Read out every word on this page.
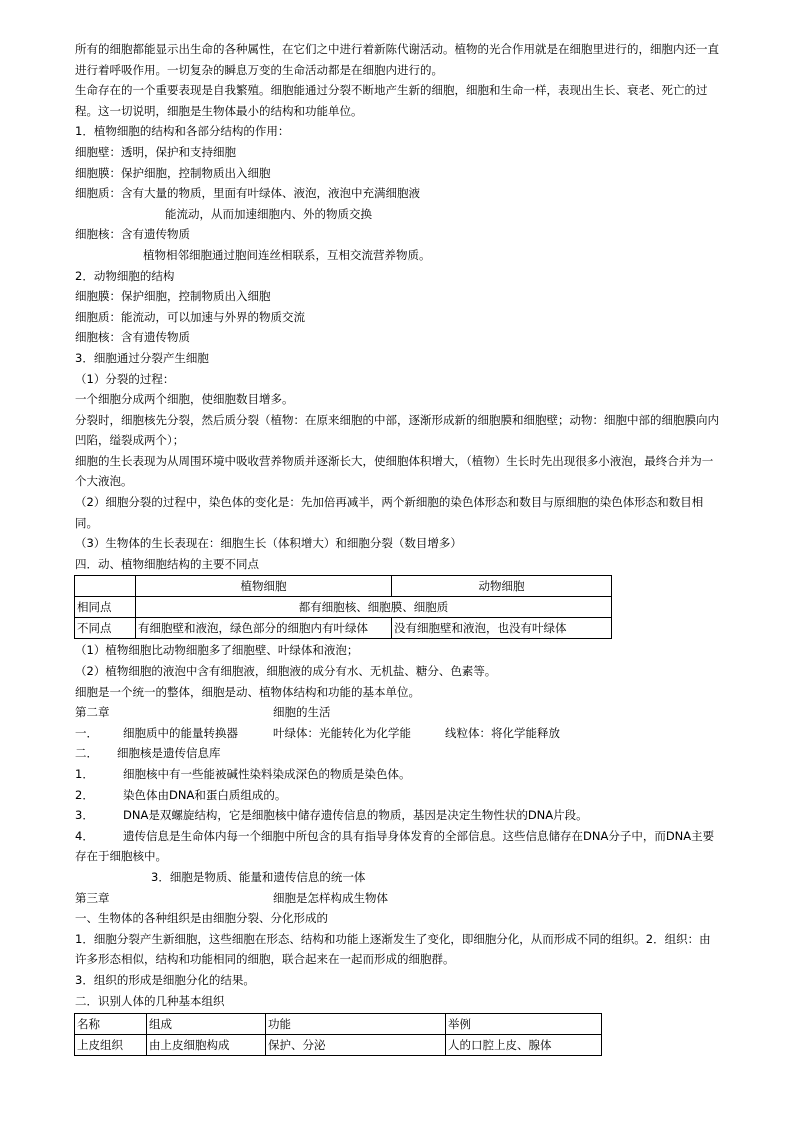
所有的细胞都能显示出生命的各种属性，在它们之中进行着新陈代谢活动。植物的光合作用就是在细胞里进行的，细胞内还一直进行着呼吸作用。一切复杂的瞬息万变的生命活动都是在细胞内进行的。

生命存在的一个重要表现是自我繁殖。细胞能通过分裂不断地产生新的细胞，细胞和生命一样，表现出生长、衰老、死亡的过程。这一切说明，细胞是生物体最小的结构和功能单位。

1．植物细胞的结构和各部分结构的作用：

细胞壁：透明，保护和支持细胞

细胞膜：保护细胞，控制物质出入细胞

细胞质：含有大量的物质，里面有叶绿体、液泡，液泡中充满细胞液

能流动，从而加速细胞内、外的物质交换

细胞核：含有遗传物质

植物相邻细胞通过胞间连丝相联系，互相交流营养物质。

2．动物细胞的结构

细胞膜：保护细胞，控制物质出入细胞

细胞质：能流动，可以加速与外界的物质交流

细胞核：含有遗传物质

3．细胞通过分裂产生细胞

（1）分裂的过程：

一个细胞分成两个细胞，使细胞数目增多。

分裂时，细胞核先分裂，然后质分裂（植物：在原来细胞的中部，逐渐形成新的细胞膜和细胞壁；动物：细胞中部的细胞膜向内凹陷，缢裂成两个）；

细胞的生长表现为从周围环境中吸收营养物质并逐渐长大，使细胞体积增大，（植物）生长时先出现很多小液泡，最终合并为一个大液泡。

（2）细胞分裂的过程中，染色体的变化是：先加倍再减半，两个新细胞的染色体形态和数目与原细胞的染色体形态和数目相同。

（3）生物体的生长表现在：细胞生长（体积增大）和细胞分裂（数目增多）

四．动、植物细胞结构的主要不同点

	植物细胞	动物细胞
相同点	都有细胞核、细胞膜、细胞质	
不同点	有细胞壁和液泡，绿色部分的细胞内有叶绿体	没有细胞壁和液泡，也没有叶绿体

（1）植物细胞比动物细胞多了细胞壁、叶绿体和液泡；

（2）植物细胞的液泡中含有细胞液，细胞液的成分有水、无机盐、糖分、色素等。

细胞是一个统一的整体，细胞是动、植物体结构和功能的基本单位。

第二章	细胞的生活
一．	细胞质中的能量转换器	叶绿体：光能转化为化学能	线粒体：将化学能释放
二．	细胞核是遗传信息库
1．	细胞核中有一些能被碱性染料染成深色的物质是染色体。
2．	染色体由DNA和蛋白质组成的。
3．	DNA是双螺旋结构，它是细胞核中储存遗传信息的物质，基因是决定生物性状的DNA片段。

4．	遗传信息是生命体内每一个细胞中所包含的具有指导身体发育的全部信息。这些信息储存在DNA分子中，而DNA主要存在于细胞核中。

3．细胞是物质、能量和遗传信息的统一体

第三章	细胞是怎样构成生物体

一、生物体的各种组织是由细胞分裂、分化形成的

1．细胞分裂产生新细胞，这些细胞在形态、结构和功能上逐渐发生了变化，即细胞分化，从而形成不同的组织。2．组织：由许多形态相似，结构和功能相同的细胞，联合起来在一起而形成的细胞群。

3．组织的形成是细胞分化的结果。

二．识别人体的几种基本组织

名称	组成	功能	举例
上皮组织	由上皮细胞构成	保护、分泌	人的口腔上皮、腺体
